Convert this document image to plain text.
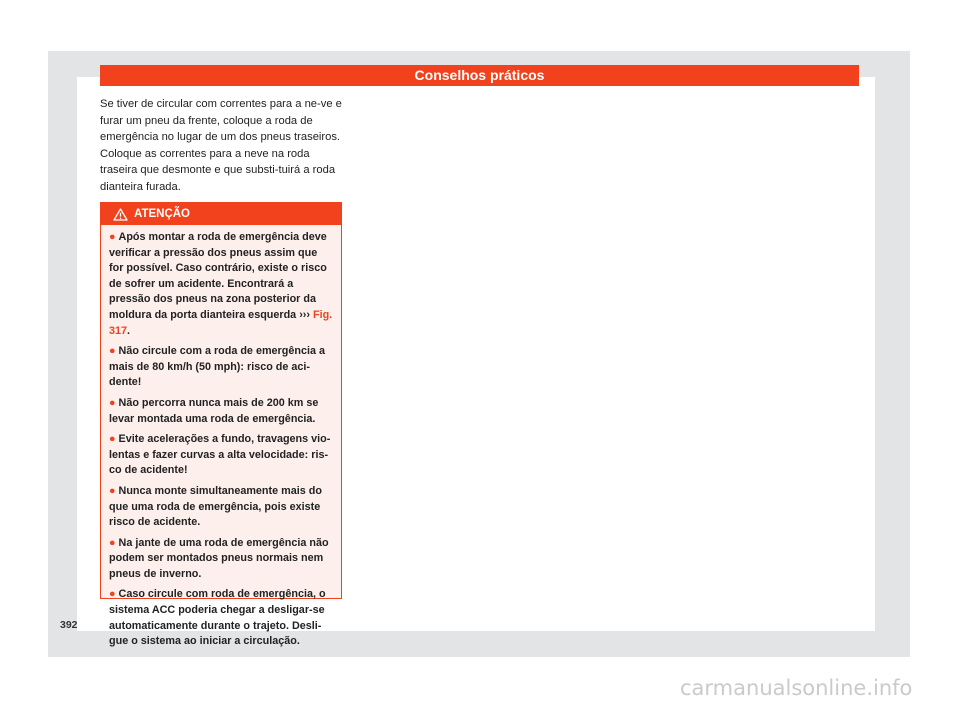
Conselhos práticos

Se tiver de circular com correntes para a ne-ve e furar um pneu da frente, coloque a roda de emergência no lugar de um dos pneus traseiros. Coloque as correntes para a neve na roda traseira que desmonte e que substi-tuirá a roda dianteira furada.

ATENÇÃO

● Após montar a roda de emergência deve verificar a pressão dos pneus assim que for possível. Caso contrário, existe o risco de sofrer um acidente. Encontrará a pressão dos pneus na zona posterior da moldura da porta dianteira esquerda ››› Fig. 317.

● Não circule com a roda de emergência a mais de 80 km/h (50 mph): risco de aci-dente!

● Não percorra nunca mais de 200 km se levar montada uma roda de emergência.

● Evite acelerações a fundo, travagens vio-lentas e fazer curvas a alta velocidade: ris-co de acidente!

● Nunca monte simultaneamente mais do que uma roda de emergência, pois existe risco de acidente.

● Na jante de uma roda de emergência não podem ser montados pneus normais nem pneus de inverno.

● Caso circule com roda de emergência, o sistema ACC poderia chegar a desligar-se automaticamente durante o trajeto. Desli-gue o sistema ao iniciar a circulação.

392
carmanualsonline.info
